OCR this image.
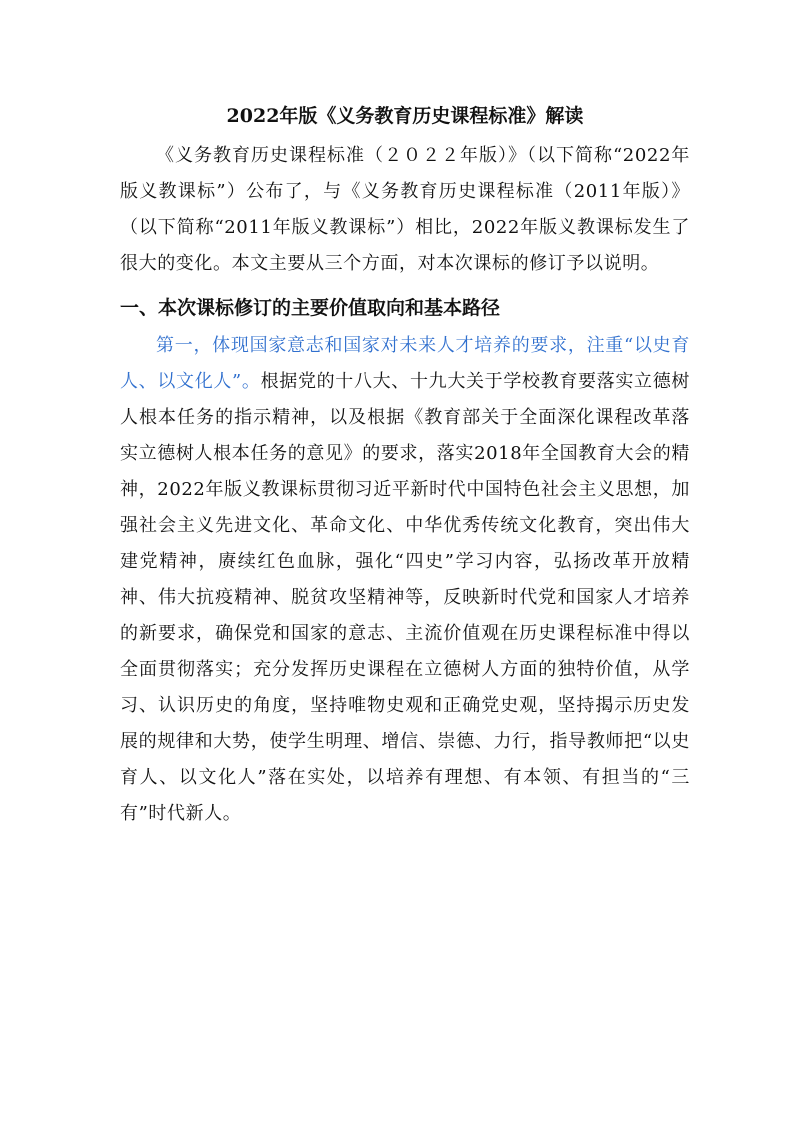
2022年版《义务教育历史课程标准》解读

《义务教育历史课程标准（２０２２年版）》（以下简称“2022年版义教课标”）公布了，与《义务教育历史课程标准（2011年版）》（以下简称“2011年版义教课标”）相比，2022年版义教课标发生了很大的变化。本文主要从三个方面，对本次课标的修订予以说明。

一、本次课标修订的主要价值取向和基本路径

第一，体现国家意志和国家对未来人才培养的要求，注重“以史育人、以文化人”。根据党的十八大、十九大关于学校教育要落实立德树人根本任务的指示精神，以及根据《教育部关于全面深化课程改革落实立德树人根本任务的意见》的要求，落实2018年全国教育大会的精神，2022年版义教课标贯彻习近平新时代中国特色社会主义思想，加强社会主义先进文化、革命文化、中华优秀传统文化教育，突出伟大建党精神，赓续红色血脉，强化“四史”学习内容，弘扬改革开放精神、伟大抗疫精神、脱贫攻坚精神等，反映新时代党和国家人才培养的新要求，确保党和国家的意志、主流价值观在历史课程标准中得以全面贯彻落实；充分发挥历史课程在立德树人方面的独特价值，从学习、认识历史的角度，坚持唯物史观和正确党史观，坚持揭示历史发展的规律和大势，使学生明理、增信、崇德、力行，指导教师把“以史育人、以文化人”落在实处，以培养有理想、有本领、有担当的“三有”时代新人。
